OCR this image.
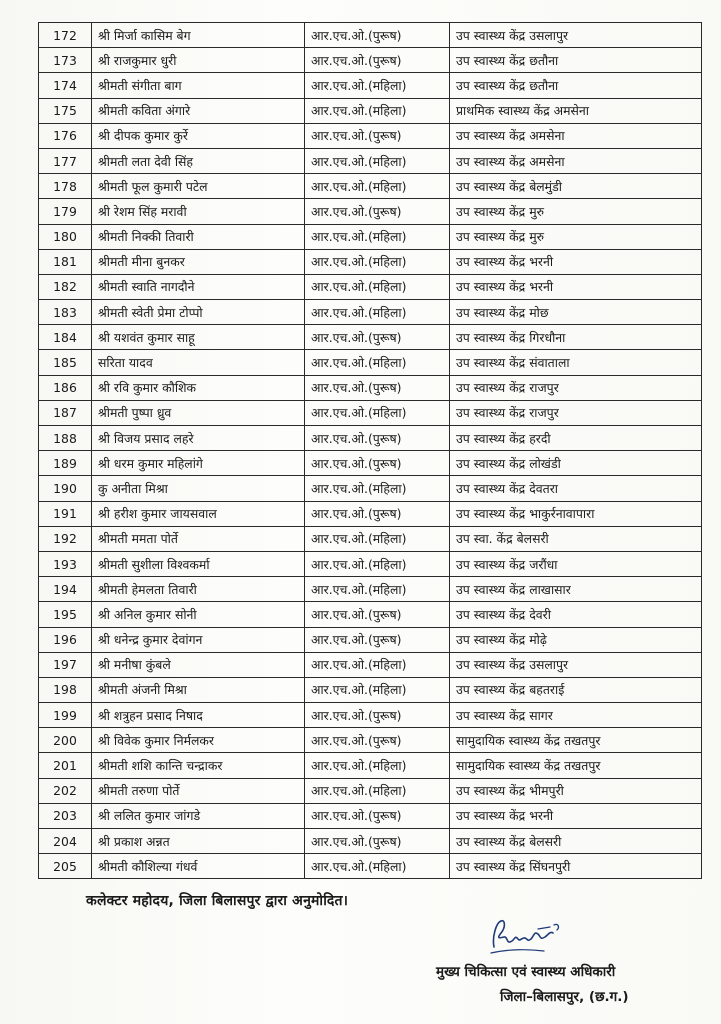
172	श्री मिर्जा कासिम बेग	आर.एच.ओ.(पुरूष)	उप स्वास्थ्य केंद्र उसलापुर
173	श्री राजकुमार धुरी	आर.एच.ओ.(पुरूष)	उप स्वास्थ्य केंद्र छतौना
174	श्रीमती संगीता बाग	आर.एच.ओ.(महिला)	उप स्वास्थ्य केंद्र छतौना
175	श्रीमती कविता अंगारे	आर.एच.ओ.(महिला)	प्राथमिक स्वास्थ्य केंद्र अमसेना
176	श्री दीपक कुमार कुर्रे	आर.एच.ओ.(पुरूष)	उप स्वास्थ्य केंद्र अमसेना
177	श्रीमती लता देवी सिंह	आर.एच.ओ.(महिला)	उप स्वास्थ्य केंद्र अमसेना
178	श्रीमती फूल कुमारी पटेल	आर.एच.ओ.(महिला)	उप स्वास्थ्य केंद्र बेलमुंडी
179	श्री रेशम सिंह मरावी	आर.एच.ओ.(पुरूष)	उप स्वास्थ्य केंद्र मुरु
180	श्रीमती निक्की तिवारी	आर.एच.ओ.(महिला)	उप स्वास्थ्य केंद्र मुरु
181	श्रीमती मीना बुनकर	आर.एच.ओ.(महिला)	उप स्वास्थ्य केंद्र भरनी
182	श्रीमती स्वाति नागदौने	आर.एच.ओ.(महिला)	उप स्वास्थ्य केंद्र भरनी
183	श्रीमती स्वेती प्रेमा टोप्पो	आर.एच.ओ.(महिला)	उप स्वास्थ्य केंद्र मोछ
184	श्री यशवंत कुमार साहू	आर.एच.ओ.(पुरूष)	उप स्वास्थ्य केंद्र गिरधौना
185	सरिता यादव	आर.एच.ओ.(महिला)	उप स्वास्थ्य केंद्र संवाताला
186	श्री रवि कुमार कौशिक	आर.एच.ओ.(पुरूष)	उप स्वास्थ्य केंद्र राजपुर
187	श्रीमती पुष्पा ध्रुव	आर.एच.ओ.(महिला)	उप स्वास्थ्य केंद्र राजपुर
188	श्री विजय प्रसाद लहरे	आर.एच.ओ.(पुरूष)	उप स्वास्थ्य केंद्र हरदी
189	श्री धरम कुमार महिलांगे	आर.एच.ओ.(पुरूष)	उप स्वास्थ्य केंद्र लोखंडी
190	कु अनीता मिश्रा	आर.एच.ओ.(महिला)	उप स्वास्थ्य केंद्र देवतरा
191	श्री हरीश कुमार जायसवाल	आर.एच.ओ.(पुरूष)	उप स्वास्थ्य केंद्र भाकुर्रनावापारा
192	श्रीमती ममता पोर्ते	आर.एच.ओ.(महिला)	उप स्वा. केंद्र बेलसरी
193	श्रीमती सुशीला विश्वकर्मा	आर.एच.ओ.(महिला)	उप स्वास्थ्य केंद्र जरौंधा
194	श्रीमती हेमलता तिवारी	आर.एच.ओ.(महिला)	उप स्वास्थ्य केंद्र लाखासार
195	श्री अनिल कुमार सोनी	आर.एच.ओ.(पुरूष)	उप स्वास्थ्य केंद्र देवरी
196	श्री धनेन्द्र कुमार देवांगन	आर.एच.ओ.(पुरूष)	उप स्वास्थ्य केंद्र मोढ़े
197	श्री मनीषा कुंबले	आर.एच.ओ.(महिला)	उप स्वास्थ्य केंद्र उसलापुर
198	श्रीमती अंजनी मिश्रा	आर.एच.ओ.(महिला)	उप स्वास्थ्य केंद्र बहतराई
199	श्री शत्रुहन प्रसाद निषाद	आर.एच.ओ.(पुरूष)	उप स्वास्थ्य केंद्र सागर
200	श्री विवेक कुमार निर्मलकर	आर.एच.ओ.(पुरूष)	सामुदायिक स्वास्थ्य केंद्र तखतपुर
201	श्रीमती शशि कान्ति चन्द्राकर	आर.एच.ओ.(महिला)	सामुदायिक स्वास्थ्य केंद्र तखतपुर
202	श्रीमती तरुणा पोर्ते	आर.एच.ओ.(महिला)	उप स्वास्थ्य केंद्र भीमपुरी
203	श्री ललित कुमार जांगडे	आर.एच.ओ.(पुरूष)	उप स्वास्थ्य केंद्र भरनी
204	श्री प्रकाश अन्नत	आर.एच.ओ.(पुरूष)	उप स्वास्थ्य केंद्र बेलसरी
205	श्रीमती कौशिल्या गंधर्व	आर.एच.ओ.(महिला)	उप स्वास्थ्य केंद्र सिंघनपुरी
कलेक्टर महोदय, जिला बिलासपुर द्वारा अनुमोदित।
मुख्य चिकित्सा एवं स्वास्थ्य अधिकारी
जिला–बिलासपुर, (छ.ग.)
